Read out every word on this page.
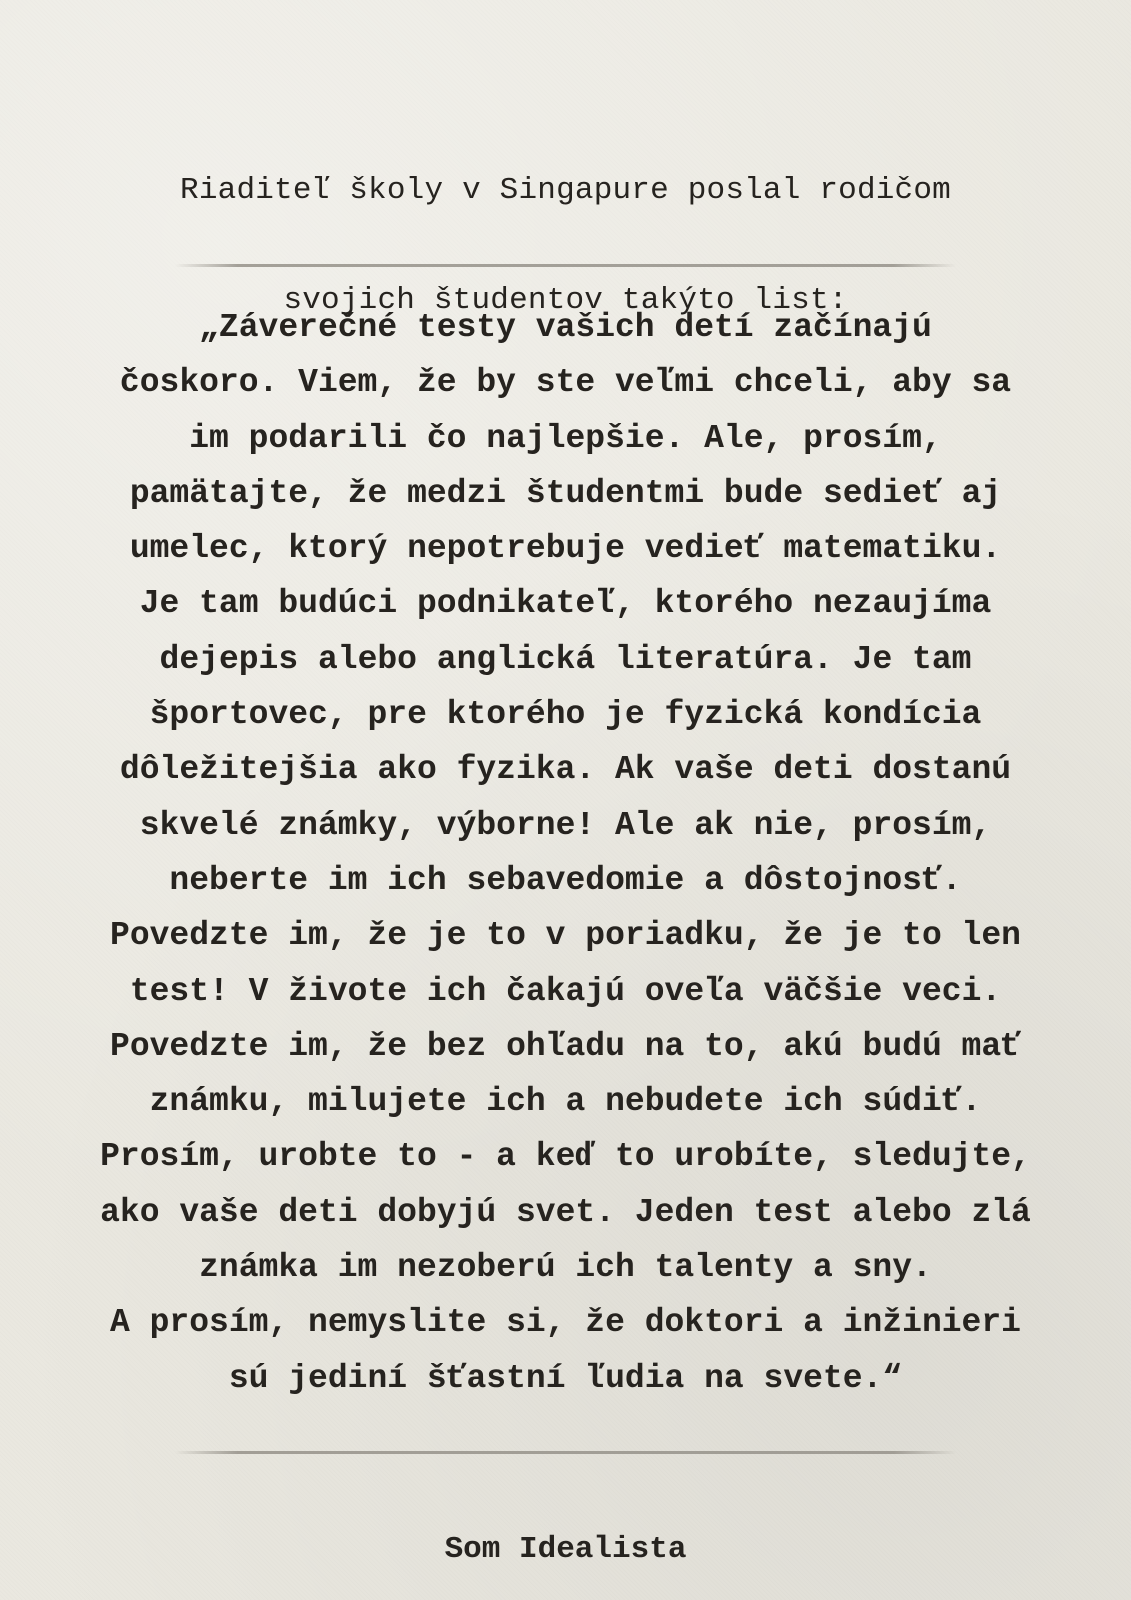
Riaditeľ školy v Singapure poslal rodičom

svojich študentov takýto list:

„Záverečné testy vašich detí začínajú
čoskoro. Viem, že by ste veľmi chceli, aby sa
im podarili čo najlepšie. Ale, prosím,
pamätajte, že medzi študentmi bude sedieť aj
umelec, ktorý nepotrebuje vedieť matematiku.
Je tam budúci podnikateľ, ktorého nezaujíma
dejepis alebo anglická literatúra. Je tam
športovec, pre ktorého je fyzická kondícia
dôležitejšia ako fyzika. Ak vaše deti dostanú
skvelé známky, výborne! Ale ak nie, prosím,
neberte im ich sebavedomie a dôstojnosť.
Povedzte im, že je to v poriadku, že je to len
test! V živote ich čakajú oveľa väčšie veci.
Povedzte im, že bez ohľadu na to, akú budú mať
známku, milujete ich a nebudete ich súdiť.
Prosím, urobte to - a keď to urobíte, sledujte,
ako vaše deti dobyjú svet. Jeden test alebo zlá
známka im nezoberú ich talenty a sny.
A prosím, nemyslite si, že doktori a inžinieri
sú jediní šťastní ľudia na svete.“
Som Idealista
